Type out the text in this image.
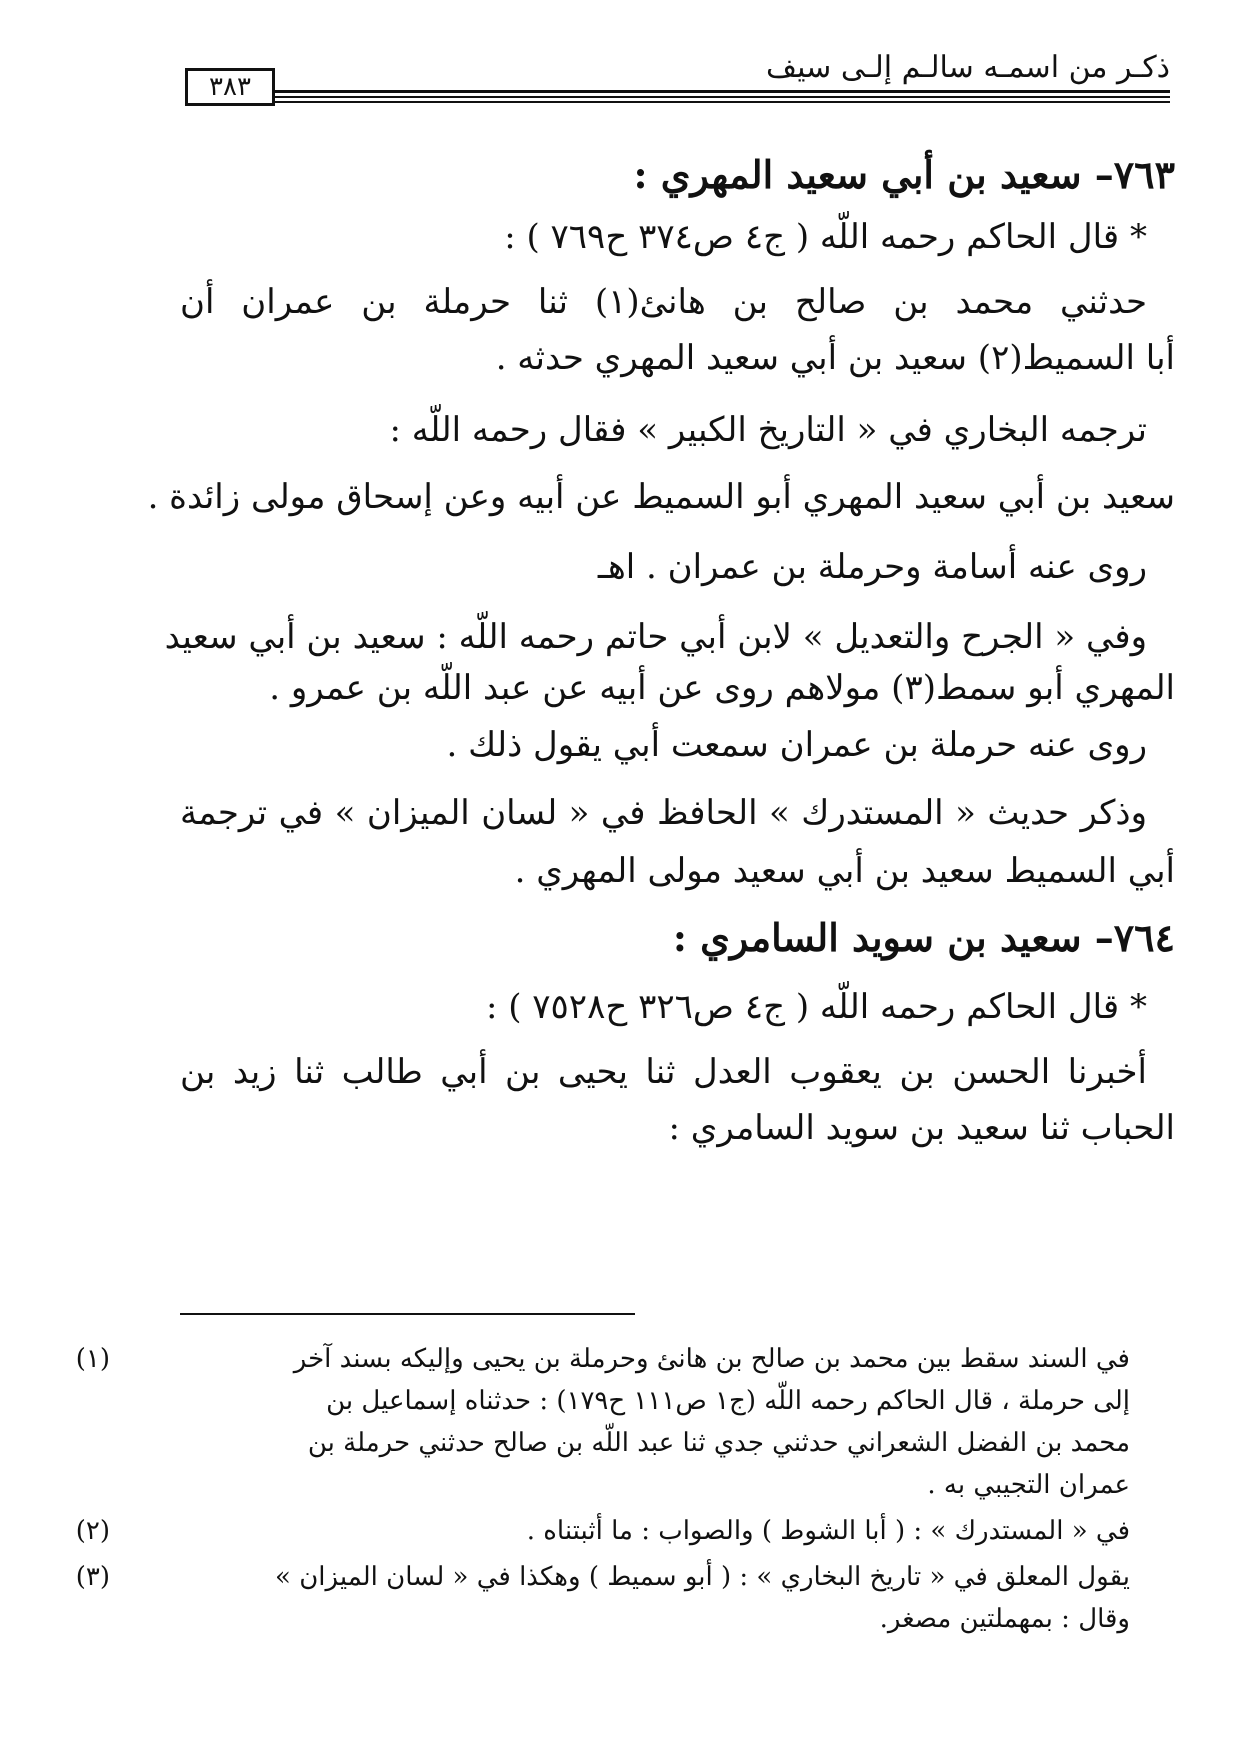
ذكـر من اسمـه سالـم إلـى سيف
٣٨٣
٧٦٣– سعيد بن أبي سعيد المهري :
* قال الحاكم رحمه اللّه ( ج٤ ص٣٧٤ ح٧٦٩ ) :
حدثني محمد بن صالح بن هانئ(١) ثنا حرملة بن عمران أن
أبا السميط(٢) سعيد بن أبي سعيد المهري حدثه .
ترجمه البخاري في « التاريخ الكبير » فقال رحمه اللّه :
سعيد بن أبي سعيد المهري أبو السميط عن أبيه وعن إسحاق مولى زائدة .
روى عنه أسامة وحرملة بن عمران . اهـ
وفي « الجرح والتعديل » لابن أبي حاتم رحمه اللّه : سعيد بن أبي سعيد
المهري أبو سمط(٣) مولاهم روى عن أبيه عن عبد اللّه بن عمرو .
روى عنه حرملة بن عمران سمعت أبي يقول ذلك .
وذكر حديث « المستدرك » الحافظ في « لسان الميزان » في ترجمة
أبي السميط سعيد بن أبي سعيد مولى المهري .
٧٦٤– سعيد بن سويد السامري :
* قال الحاكم رحمه اللّه ( ج٤ ص٣٢٦ ح٧٥٢٨ ) :
أخبرنا الحسن بن يعقوب العدل ثنا يحيى بن أبي طالب ثنا زيد بن
الحباب ثنا سعيد بن سويد السامري :
(١)	في السند سقط بين محمد بن صالح بن هانئ وحرملة بن يحيى وإليكه بسند آخر
إلى حرملة ، قال الحاكم رحمه اللّه (ج١ ص١١١ ح١٧٩) : حدثناه إسماعيل بن
محمد بن الفضل الشعراني حدثني جدي ثنا عبد اللّه بن صالح حدثني حرملة بن
عمران التجيبي به .
(٢)	في « المستدرك » : ( أبا الشوط ) والصواب : ما أثبتناه .
(٣)	يقول المعلق في « تاريخ البخاري » : ( أبو سميط ) وهكذا في « لسان الميزان »
وقال : بمهملتين مصغر.
